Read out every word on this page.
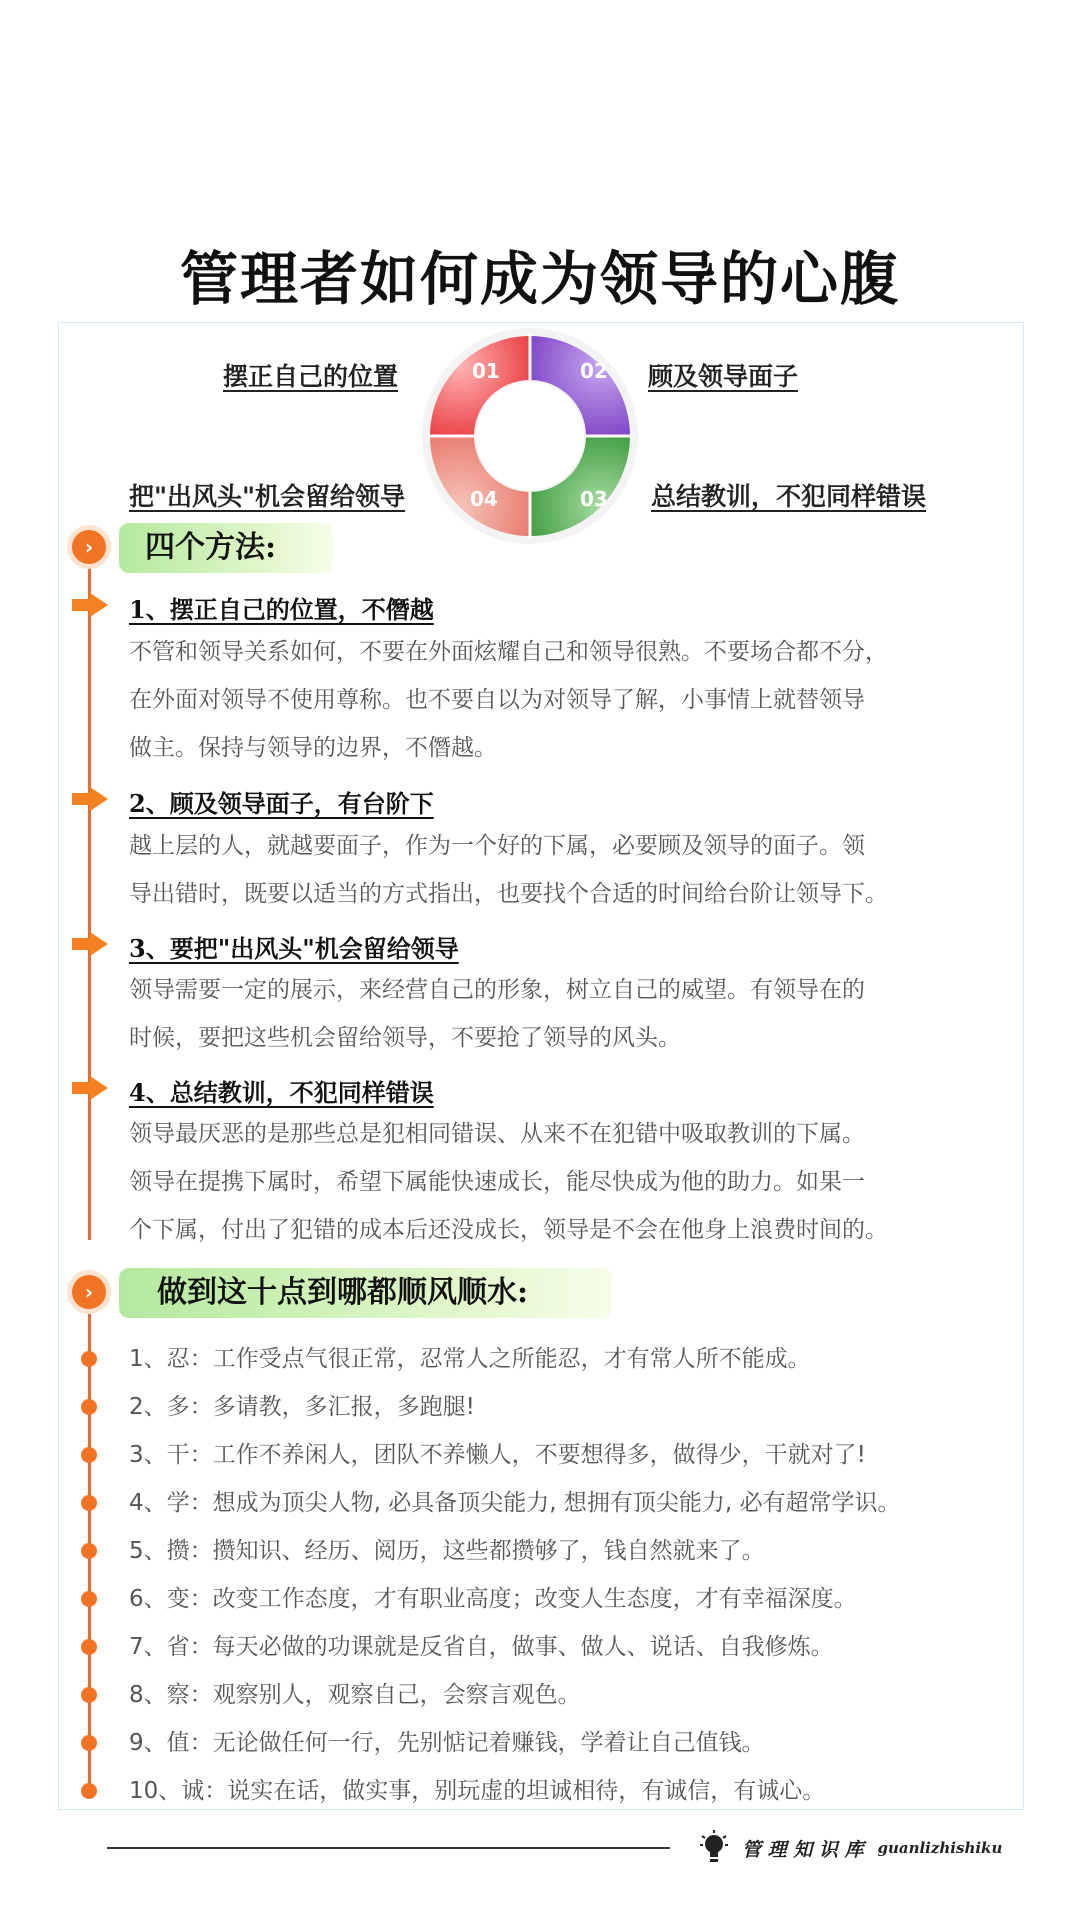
管理者如何成为领导的心腹
01	02
03
04
摆正自己的位置	顾及领导面子
把"出风头"机会留给领导	总结教训，不犯同样错误
›	四个方法:
1、摆正自己的位置，不僭越
不管和领导关系如何，不要在外面炫耀自己和领导很熟。不要场合都不分，
在外面对领导不使用尊称。也不要自以为对领导了解，小事情上就替领导
做主。保持与领导的边界，不僭越。
2、顾及领导面子，有台阶下
越上层的人，就越要面子，作为一个好的下属，必要顾及领导的面子。领
导出错时，既要以适当的方式指出，也要找个合适的时间给台阶让领导下。
3、要把"出风头"机会留给领导
领导需要一定的展示，来经营自己的形象，树立自己的威望。有领导在的
时候，要把这些机会留给领导，不要抢了领导的风头。
4、总结教训，不犯同样错误
领导最厌恶的是那些总是犯相同错误、从来不在犯错中吸取教训的下属。
领导在提携下属时，希望下属能快速成长，能尽快成为他的助力。如果一
个下属，付出了犯错的成本后还没成长，领导是不会在他身上浪费时间的。
›	做到这十点到哪都顺风顺水:
1、忍：工作受点气很正常，忍常人之所能忍，才有常人所不能成。
2、多：多请教，多汇报，多跑腿!
3、干：工作不养闲人，团队不养懒人，不要想得多，做得少，干就对了!
4、学：想成为顶尖人物, 必具备顶尖能力, 想拥有顶尖能力, 必有超常学识。
5、攒：攒知识、经历、阅历，这些都攒够了，钱自然就来了。
6、变：改变工作态度，才有职业高度；改变人生态度，才有幸福深度。
7、省：每天必做的功课就是反省自，做事、做人、说话、自我修炼。
8、察：观察别人，观察自己，会察言观色。
9、值：无论做任何一行，先别惦记着赚钱，学着让自己值钱。
10、诚：说实在话，做实事，别玩虚的坦诚相待，有诚信，有诚心。
管 理 知 识 库 guanlizhishiku
